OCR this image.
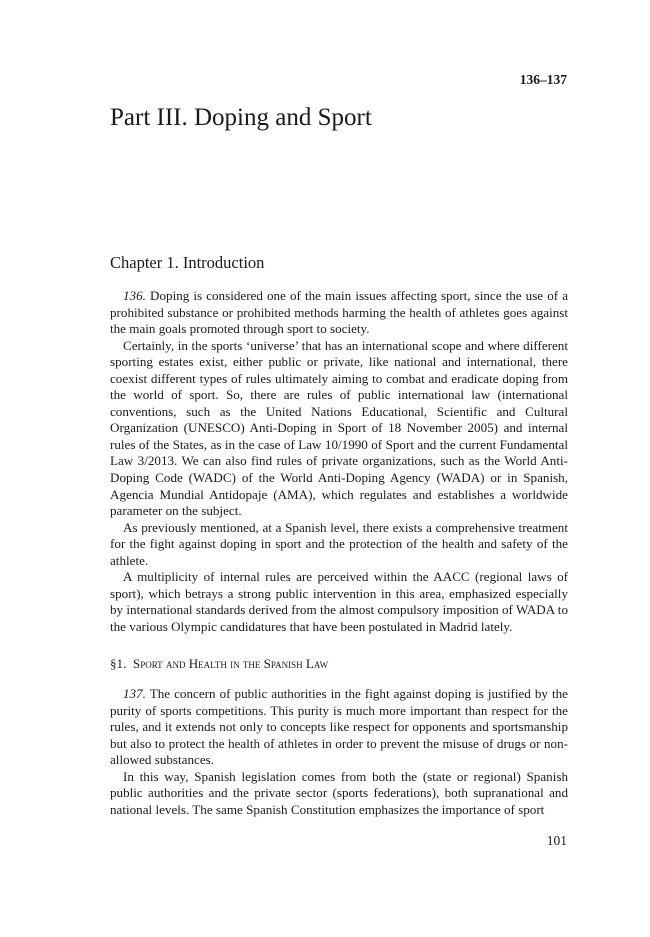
136–137
Part III. Doping and Sport
Chapter 1. Introduction

136. Doping is considered one of the main issues affecting sport, since the use of a prohibited substance or prohibited methods harming the health of athletes goes against the main goals promoted through sport to society.

Certainly, in the sports ‘universe’ that has an international scope and where different sporting estates exist, either public or private, like national and international, there coexist different types of rules ultimately aiming to combat and eradicate doping from the world of sport. So, there are rules of public international law (international conventions, such as the United Nations Educational, Scientific and Cultural Organization (UNESCO) Anti-Doping in Sport of 18 November 2005) and internal rules of the States, as in the case of Law 10/1990 of Sport and the current Fundamental Law 3/2013. We can also find rules of private organizations, such as the World Anti-Doping Code (WADC) of the World Anti-Doping Agency (WADA) or in Spanish, Agencia Mundial Antidopaje (AMA), which regulates and establishes a worldwide parameter on the subject.

As previously mentioned, at a Spanish level, there exists a comprehensive treatment for the fight against doping in sport and the protection of the health and safety of the athlete.

A multiplicity of internal rules are perceived within the AACC (regional laws of sport), which betrays a strong public intervention in this area, emphasized especially by international standards derived from the almost compulsory imposition of WADA to the various Olympic candidatures that have been postulated in Madrid lately.

§1. Sport and Health in the Spanish Law

137. The concern of public authorities in the fight against doping is justified by the purity of sports competitions. This purity is much more important than respect for the rules, and it extends not only to concepts like respect for opponents and sportsmanship but also to protect the health of athletes in order to prevent the misuse of drugs or non-allowed substances.

In this way, Spanish legislation comes from both the (state or regional) Spanish public authorities and the private sector (sports federations), both supranational and national levels. The same Spanish Constitution emphasizes the importance of sport

101
